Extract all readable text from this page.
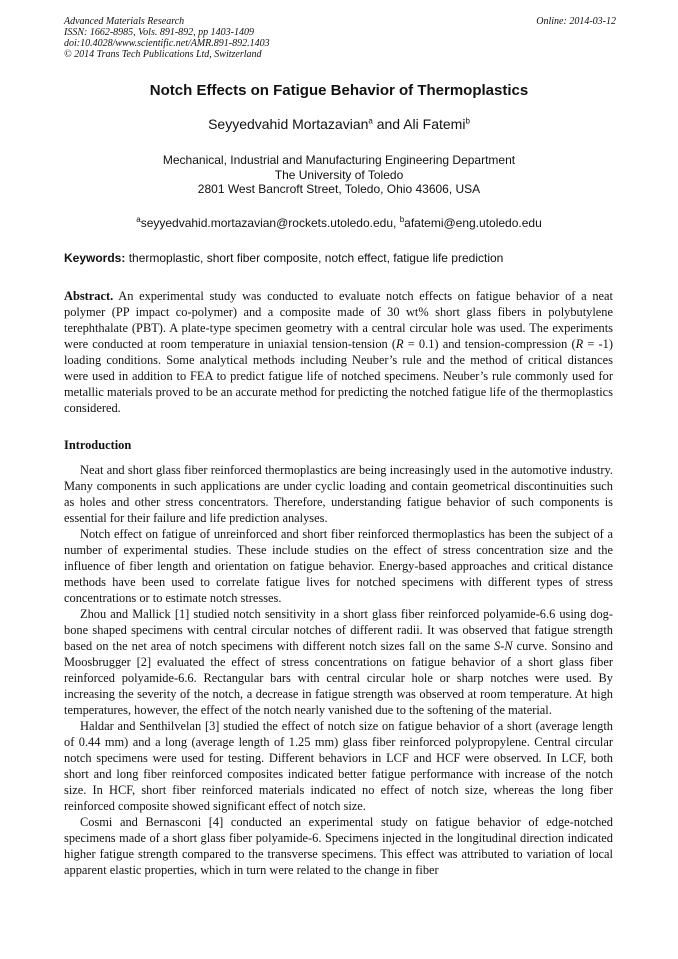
Advanced Materials Research
ISSN: 1662-8985, Vols. 891-892, pp 1403-1409
doi:10.4028/www.scientific.net/AMR.891-892.1403
© 2014 Trans Tech Publications Ltd, Switzerland
Online: 2014-03-12
Notch Effects on Fatigue Behavior of Thermoplastics
Seyyedvahid Mortazavian$^a$ and Ali Fatemi$^b$
Mechanical, Industrial and Manufacturing Engineering Department
The University of Toledo
2801 West Bancroft Street, Toledo, Ohio 43606, USA
$^a$seyyedvahid.mortazavian@rockets.utoledo.edu, $^b$afatemi@eng.utoledo.edu
Keywords: thermoplastic, short fiber composite, notch effect, fatigue life prediction
Abstract. An experimental study was conducted to evaluate notch effects on fatigue behavior of a neat polymer (PP impact co-polymer) and a composite made of 30 wt% short glass fibers in polybutylene terephthalate (PBT). A plate-type specimen geometry with a central circular hole was used. The experiments were conducted at room temperature in uniaxial tension-tension (R = 0.1) and tension-compression (R = -1) loading conditions. Some analytical methods including Neuber’s rule and the method of critical distances were used in addition to FEA to predict fatigue life of notched specimens. Neuber’s rule commonly used for metallic materials proved to be an accurate method for predicting the notched fatigue life of the thermoplastics considered.
Introduction

Neat and short glass fiber reinforced thermoplastics are being increasingly used in the automotive industry. Many components in such applications are under cyclic loading and contain geometrical discontinuities such as holes and other stress concentrators. Therefore, understanding fatigue behavior of such components is essential for their failure and life prediction analyses.

Notch effect on fatigue of unreinforced and short fiber reinforced thermoplastics has been the subject of a number of experimental studies. These include studies on the effect of stress concentration size and the influence of fiber length and orientation on fatigue behavior. Energy-based approaches and critical distance methods have been used to correlate fatigue lives for notched specimens with different types of stress concentrations or to estimate notch stresses.

Zhou and Mallick [1] studied notch sensitivity in a short glass fiber reinforced polyamide-6.6 using dog-bone shaped specimens with central circular notches of different radii. It was observed that fatigue strength based on the net area of notch specimens with different notch sizes fall on the same S-N curve. Sonsino and Moosbrugger [2] evaluated the effect of stress concentrations on fatigue behavior of a short glass fiber reinforced polyamide-6.6. Rectangular bars with central circular hole or sharp notches were used. By increasing the severity of the notch, a decrease in fatigue strength was observed at room temperature. At high temperatures, however, the effect of the notch nearly vanished due to the softening of the material.

Haldar and Senthilvelan [3] studied the effect of notch size on fatigue behavior of a short (average length of 0.44 mm) and a long (average length of 1.25 mm) glass fiber reinforced polypropylene. Central circular notch specimens were used for testing. Different behaviors in LCF and HCF were observed. In LCF, both short and long fiber reinforced composites indicated better fatigue performance with increase of the notch size. In HCF, short fiber reinforced materials indicated no effect of notch size, whereas the long fiber reinforced composite showed significant effect of notch size.

Cosmi and Bernasconi [4] conducted an experimental study on fatigue behavior of edge-notched specimens made of a short glass fiber polyamide-6. Specimens injected in the longitudinal direction indicated higher fatigue strength compared to the transverse specimens. This effect was attributed to variation of local apparent elastic properties, which in turn were related to the change in fiber
